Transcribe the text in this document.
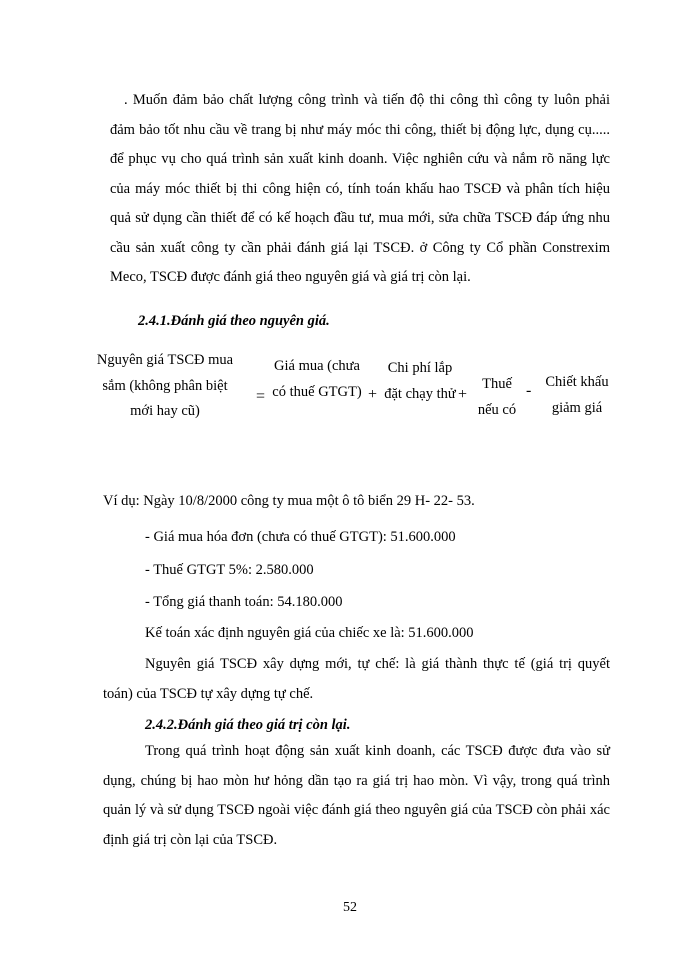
. Muốn đảm bảo chất lượng công trình và tiến độ thi công thì công ty luôn phải đảm bảo tốt nhu cầu về trang bị như máy móc thi công, thiết bị động lực, dụng cụ..... để phục vụ cho quá trình sản xuất kinh doanh. Việc nghiên cứu và nắm rõ năng lực của máy móc thiết bị thi công hiện có, tính toán khấu hao TSCĐ và phân tích hiệu quả sử dụng cần thiết để có kế hoạch đầu tư, mua mới, sửa chữa TSCĐ đáp ứng nhu cầu sản xuất công ty cần phải đánh giá lại TSCĐ. ở Công ty Cổ phần Constrexim Meco, TSCĐ được đánh giá theo nguyên giá và giá trị còn lại.

2.4.1.Đánh giá theo nguyên giá.

Nguyên giá TSCĐ mua sắm (không phân biệt mới hay cũ)
=
Giá mua (chưa có thuế GTGT) +
Chi phí lắp đặt chạy thử +
Thuế nếu có
- Chiết khấu giảm giá

Ví dụ: Ngày 10/8/2000 công ty mua một ô tô biển 29 H- 22- 53.

- Giá mua hóa đơn (chưa có thuế GTGT): 51.600.000

- Thuế GTGT 5%: 2.580.000

- Tổng giá thanh toán: 54.180.000

Kế toán xác định nguyên giá của chiếc xe là: 51.600.000

Nguyên giá TSCĐ xây dựng mới, tự chế: là giá thành thực tế (giá trị quyết toán) của TSCĐ tự xây dựng tự chế.

2.4.2.Đánh giá theo giá trị còn lại.

Trong quá trình hoạt động sản xuất kinh doanh, các TSCĐ được đưa vào sử dụng, chúng bị hao mòn hư hỏng dần tạo ra giá trị hao mòn. Vì vậy, trong quá trình quản lý và sử dụng TSCĐ ngoài việc đánh giá theo nguyên giá của TSCĐ còn phải xác định giá trị còn lại của TSCĐ.

52
